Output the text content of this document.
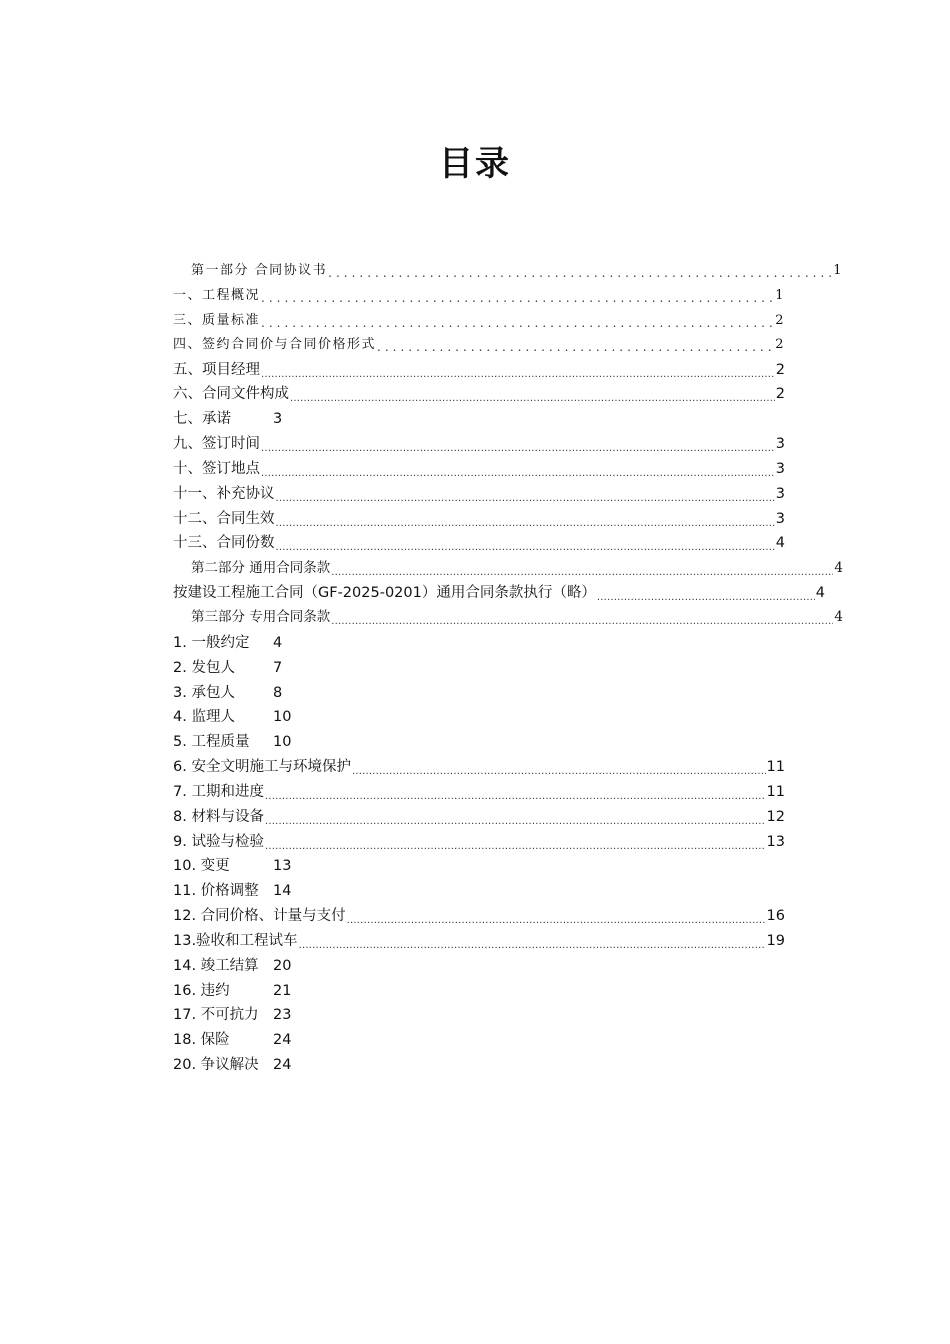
目录
第一部分 合同协议书 .....	1
一、工程概况 .....	1
三、质量标准 .....	2
四、签约合同价与合同价格形式 .....	2
五、项目经理 .....	2
六、合同文件构成 .....	2
七、承诺	3
九、签订时间 .....	3
十、签订地点 .....	3
十一、补充协议 .....	3
十二、合同生效 .....	3
十三、合同份数 .....	4
第二部分 通用合同条款 .....	4
按建设工程施工合同（GF-2025-0201）通用合同条款执行（略） .....	4
第三部分 专用合同条款 .....	4
1. 一般约定	4
2. 发包人	7
3. 承包人	8
4. 监理人	10
5. 工程质量	10
6. 安全文明施工与环境保护 .....	11
7. 工期和进度 .....	11
8. 材料与设备 .....	12
9. 试验与检验 .....	13
10. 变更	13
11. 价格调整 14
12. 合同价格、计量与支付 .....	16
13.验收和工程试车 .....	19
14. 竣工结算 20
16. 违约	21
17. 不可抗力 23
18. 保险	24
20. 争议解决 24
